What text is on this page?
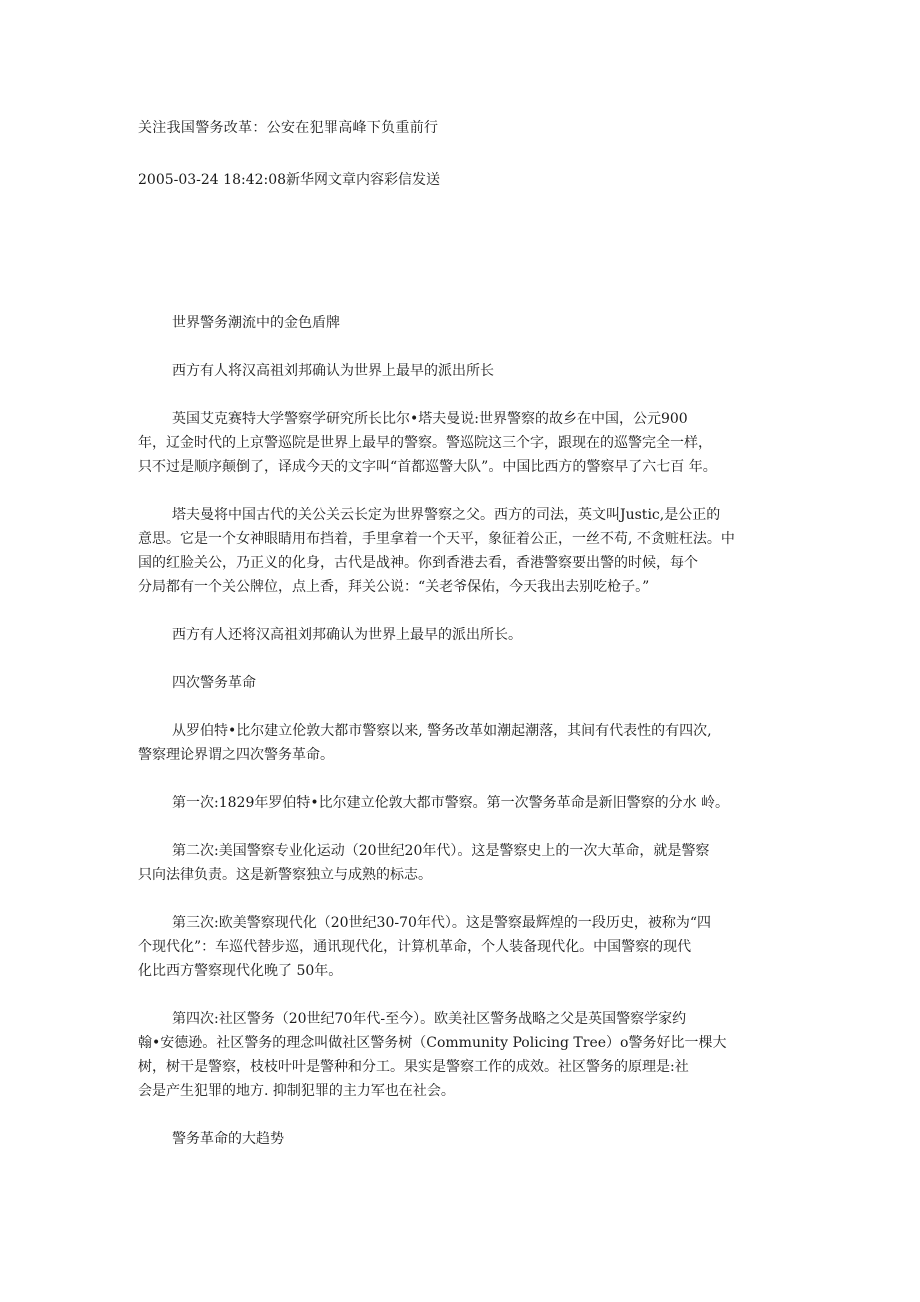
关注我国警务改革：公安在犯罪高峰下负重前行
2005-03-24 18:42:08新华网文章内容彩信发送
世界警务潮流中的金色盾牌
西方有人将汉高祖刘邦确认为世界上最早的派出所长
英国艾克赛特大学警察学研究所长比尔•塔夫曼说:世界警察的故乡在中国，公元900
年，辽金时代的上京警巡院是世界上最早的警察。警巡院这三个字，跟现在的巡警完全一样，
只不过是顺序颠倒了，译成今天的文字叫“首都巡警大队”。中国比西方的警察早了六七百 年。
塔夫曼将中国古代的关公关云长定为世界警察之父。西方的司法，英文叫Justic,是公正的
意思。它是一个女神眼睛用布挡着，手里拿着一个天平，象征着公正，一丝不苟, 不贪赃枉法。中
国的红脸关公，乃正义的化身，古代是战神。你到香港去看，香港警察要出警的时候，每个
分局都有一个关公牌位，点上香，拜关公说：“关老爷保佑，今天我出去别吃枪子。”
西方有人还将汉高祖刘邦确认为世界上最早的派出所长。
四次警务革命
从罗伯特•比尔建立伦敦大都市警察以来, 警务改革如潮起潮落，其间有代表性的有四次,
警察理论界谓之四次警务革命。
第一次:1829年罗伯特•比尔建立伦敦大都市警察。第一次警务革命是新旧警察的分水 岭。
第二次:美国警察专业化运动（20世纪20年代）。这是警察史上的一次大革命，就是警察
只向法律负责。这是新警察独立与成熟的标志。
第三次:欧美警察现代化（20世纪30-70年代）。这是警察最辉煌的一段历史，被称为“四
个现代化”：车巡代替步巡，通讯现代化，计算机革命，个人装备现代化。中国警察的现代
化比西方警察现代化晚了 50年。
第四次:社区警务（20世纪70年代-至今）。欧美社区警务战略之父是英国警察学家约
翰•安德逊。社区警务的理念叫做社区警务树（Community Policing Tree）o警务好比一棵大
树，树干是警察，枝枝叶叶是警种和分工。果实是警察工作的成效。社区警务的原理是:社
会是产生犯罪的地方. 抑制犯罪的主力军也在社会。
警务革命的大趋势
